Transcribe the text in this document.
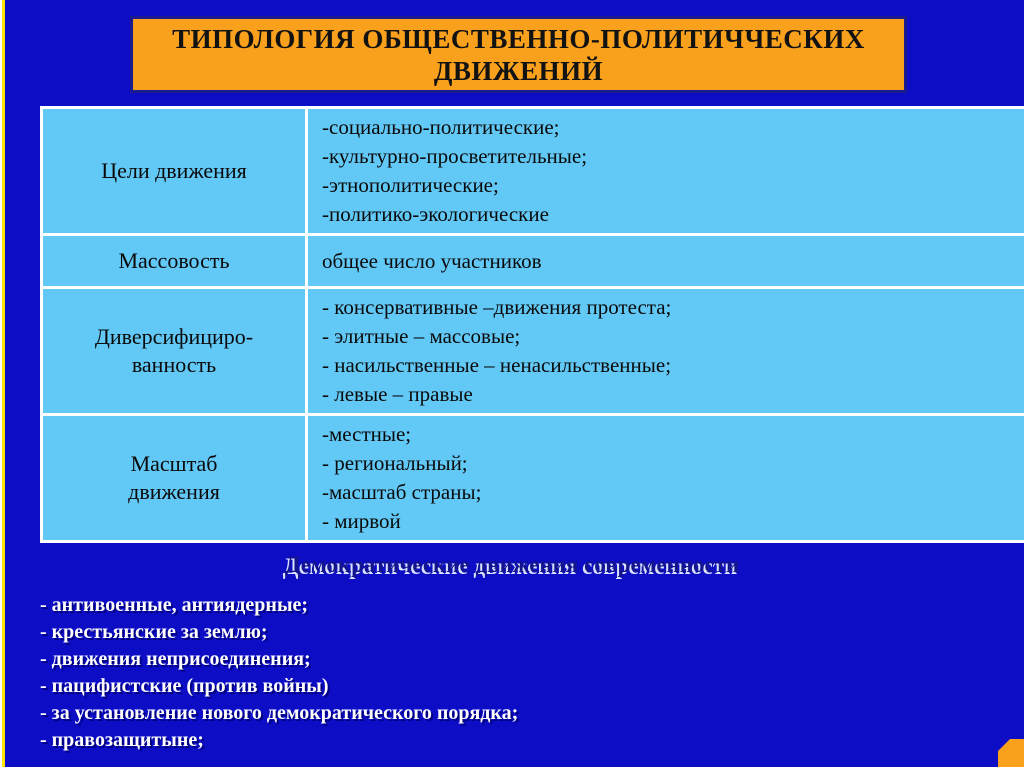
ТИПОЛОГИЯ ОБЩЕСТВЕННО-ПОЛИТИЧЧЕСКИХ
ДВИЖЕНИЙ
Цели движения
-социально-политические;
-культурно-просветительные;
-этнополитические;
-политико-экологические
Массовость	общее число участников
Диверсифициро-
ванность
- консервативные –движения протеста;
- элитные – массовые;
- насильственные – ненасильственные;
- левые – правые
Масштаб
движения
-местные;
- региональный;
-масштаб страны;
- мирвой
Демократические движения современности
- антивоенные, антиядерные;
- крестьянские за землю;
- движения неприсоединения;
- пацифистские (против войны)
- за установление нового демократического порядка;
- правозащитыне;
